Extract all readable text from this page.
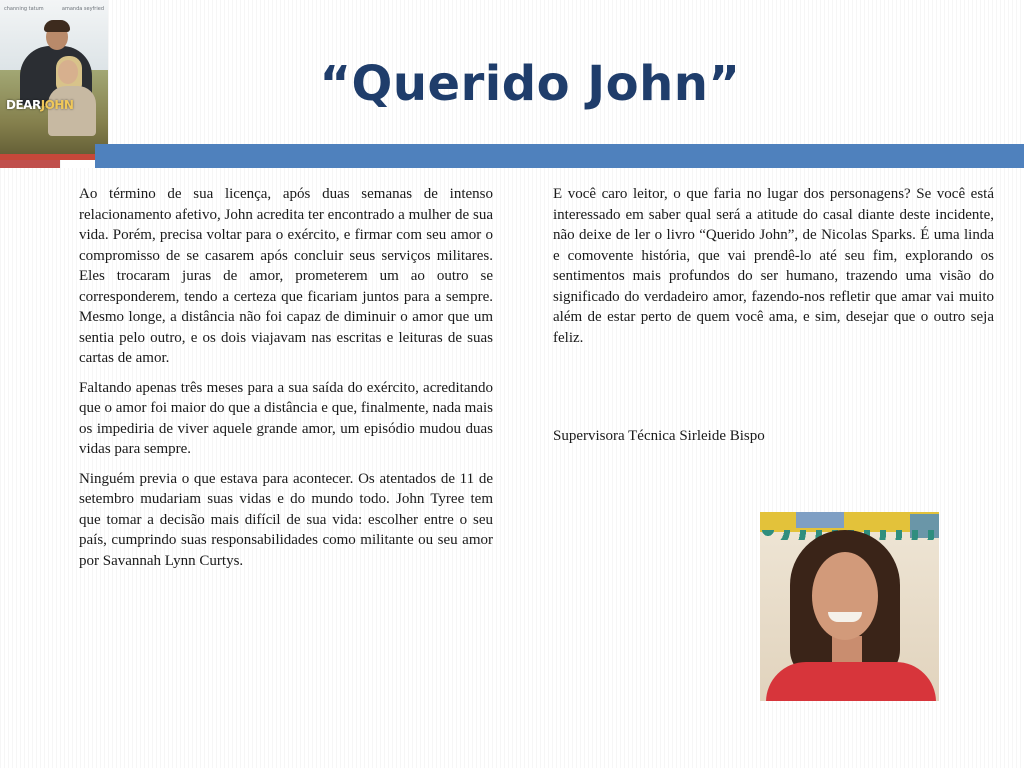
channing tatum	amanda seyfried
DEARJOHN	“Querido John”

Ao término de sua licença, após duas semanas de intenso relacionamento afetivo, John acredita ter encontrado a mulher de sua vida. Porém, precisa voltar para o exército, e firmar com seu amor o compromisso de se casarem após concluir seus serviços militares. Eles trocaram juras de amor, prometerem um ao outro se corresponderem, tendo a certeza que ficariam juntos para a sempre. Mesmo longe, a distância não foi capaz de diminuir o amor que um sentia pelo outro, e os dois viajavam nas escritas e leituras de suas cartas de amor.

Faltando apenas três meses para a sua saída do exército, acreditando que o amor foi maior do que a distância e que, finalmente, nada mais os impediria de viver aquele grande amor, um episódio mudou duas vidas para sempre.

Ninguém previa o que estava para acontecer. Os atentados de 11 de setembro mudariam suas vidas e do mundo todo. John Tyree tem que tomar a decisão mais difícil de sua vida: escolher entre o seu país, cumprindo suas responsabilidades como militante ou seu amor por Savannah Lynn Curtys.

E você caro leitor, o que faria no lugar dos personagens? Se você está interessado em saber qual será a atitude do casal diante deste incidente, não deixe de ler o livro “Querido John”, de Nicolas Sparks. É uma linda e comovente história, que vai prendê-lo até seu fim, explorando os sentimentos mais profundos do ser humano, trazendo uma visão do significado do verdadeiro amor, fazendo-nos refletir que amar vai muito além de estar perto de quem você ama, e sim, desejar que o outro seja feliz.

Supervisora Técnica Sirleide Bispo
